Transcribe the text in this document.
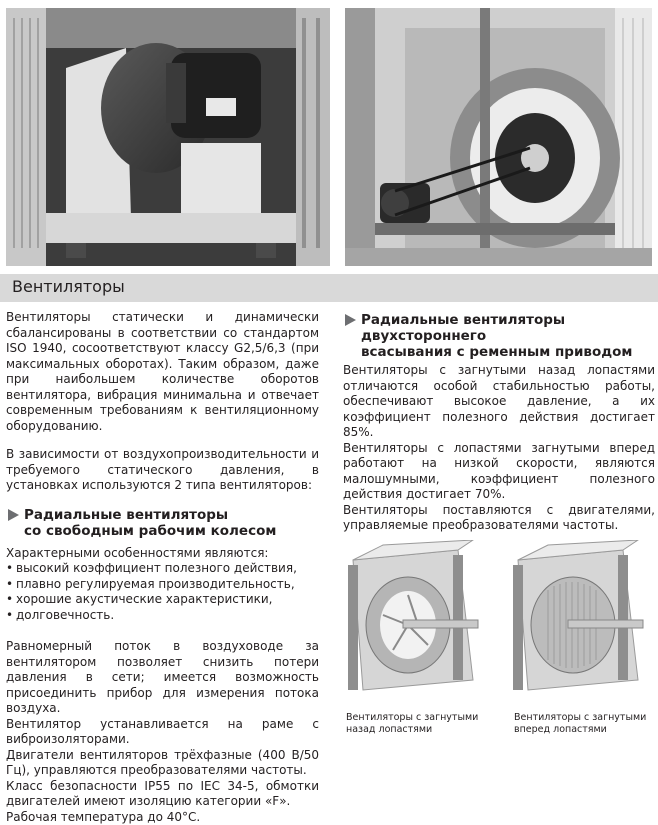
Вентиляторы

Вентиляторы статически и динамически сбалансированы в соответствии со стандартом ISO 1940, сосоответствуют классу G2,5/6,3 (при максимальных оборотах). Таким образом, даже при наибольшем количестве оборотов вентилятора, вибрация минимальна и отвечает современным требованиям к вентиляционному оборудованию.

В зависимости от воздухопроизводительности и требуемого статического давления, в установках используются 2 типа вентиляторов:

Радиальные вентиляторы
со свободным рабочим колесом

Характерными особенностями являются:

• высокий коэффициент полезного действия,
• плавно регулируемая производительность,
• хорошие акустические характеристики,
• долговечность.

Равномерный поток в воздуховоде за вентилятором позволяет снизить потери давления в сети; имеется возможность присоединить прибор для измерения потока воздуха.

Вентилятор устанавливается на раме с виброизоляторами.

Двигатели вентиляторов трёхфазные (400 В/50 Гц), управляются преобразователями частоты.

Класс безопасности IP55 по IEC 34-5, обмотки двигателей имеют изоляцию категории «F».

Рабочая температура до 40°С.

Радиальные вентиляторы двухстороннего
всасывания с ременным приводом

Вентиляторы с загнутыми назад лопастями отличаются особой стабильностью работы, обеспечивают высокое давление, а их коэффициент полезного действия достигает 85%.

Вентиляторы с лопастями загнутыми вперед работают на низкой скорости, являются малошумными, коэффициент полезного действия достигает 70%.

Вентиляторы поставляются с двигателями, управляемые преобразователями частоты.

Вентиляторы с загнутыми назад лопастями
Вентиляторы с загнутыми вперед лопастями
